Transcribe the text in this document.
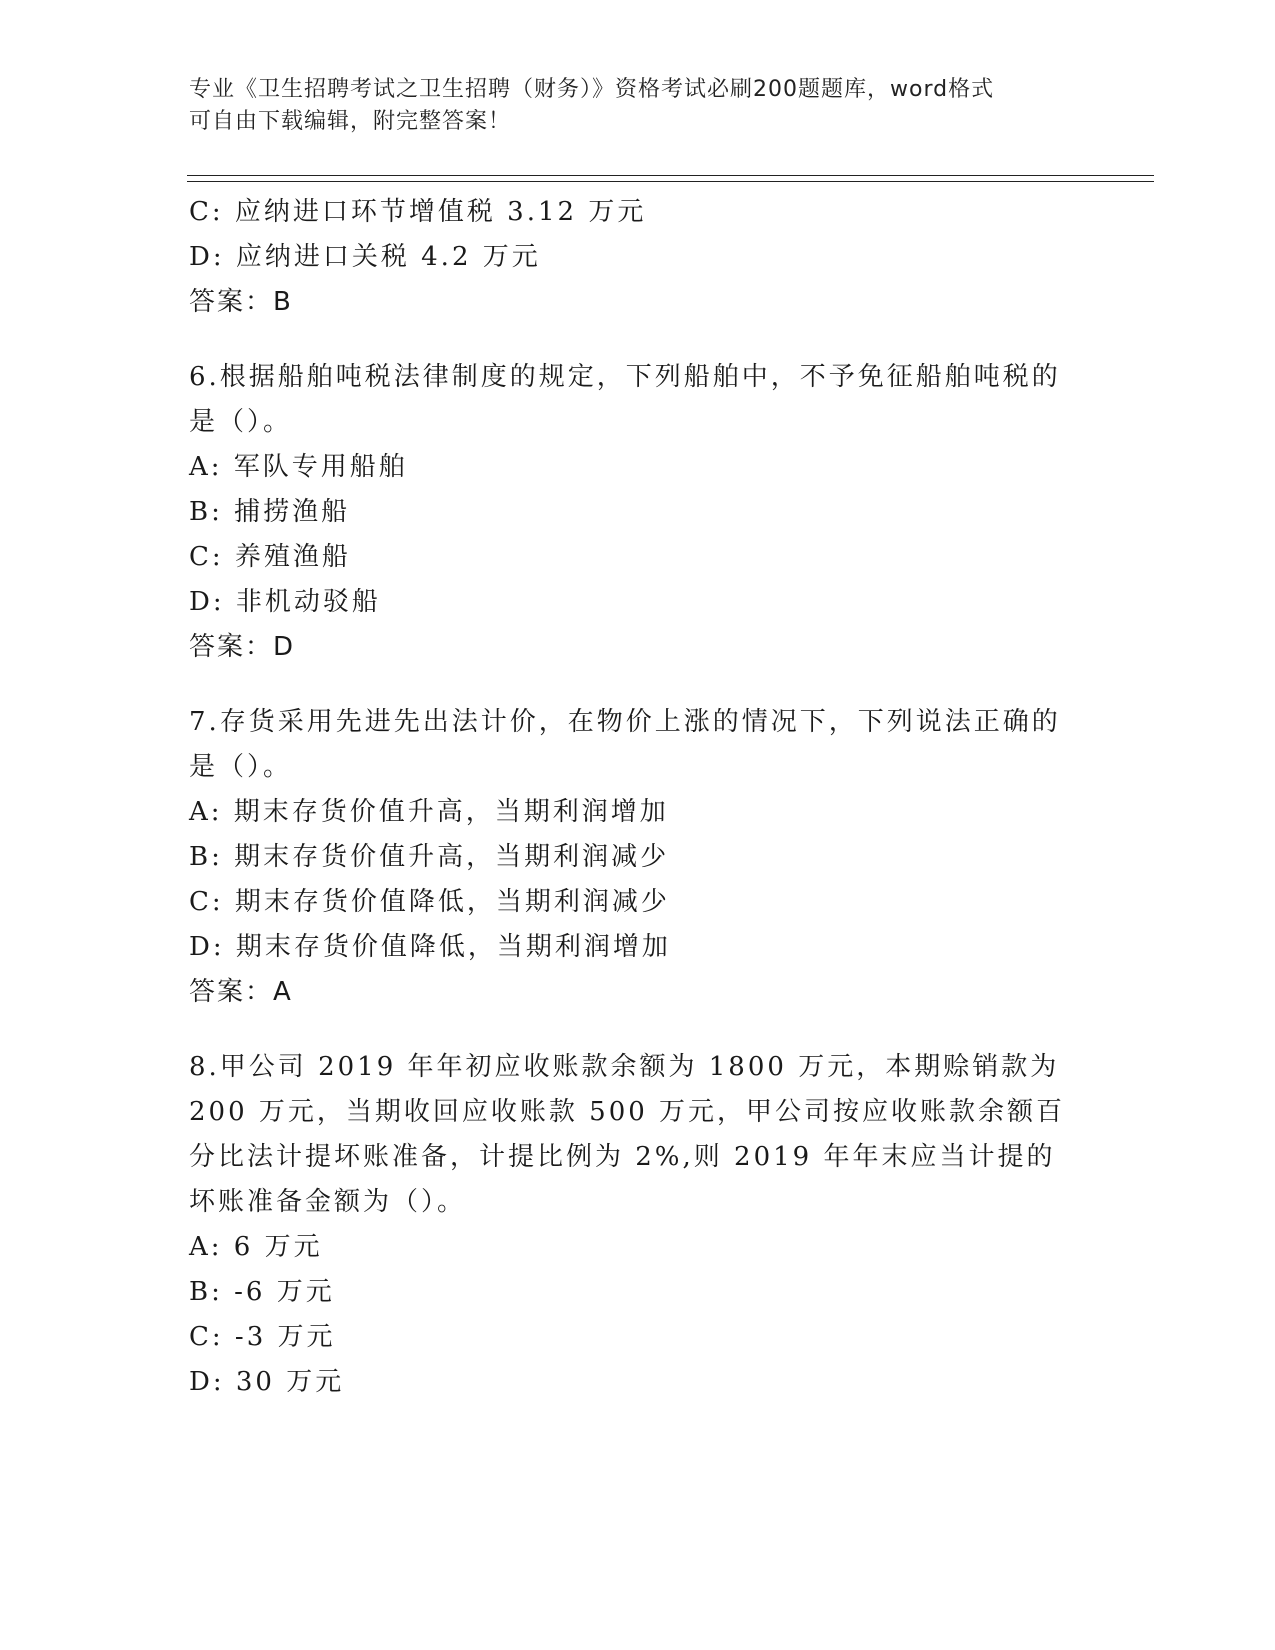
专业《卫生招聘考试之卫生招聘（财务）》资格考试必刷200题题库，word格式
可自由下载编辑，附完整答案！
C: 应纳进口环节增值税 3.12 万元
D: 应纳进口关税 4.2 万元
答案：B
6.根据船舶吨税法律制度的规定，下列船舶中，不予免征船舶吨税的是（）。
A: 军队专用船舶
B: 捕捞渔船
C: 养殖渔船
D: 非机动驳船
答案：D
7.存货采用先进先出法计价，在物价上涨的情况下，下列说法正确的是（）。
A: 期末存货价值升高，当期利润增加
B: 期末存货价值升高，当期利润减少
C: 期末存货价值降低，当期利润减少
D: 期末存货价值降低，当期利润增加
答案：A
8.甲公司 2019 年年初应收账款余额为 1800 万元，本期赊销款为 200 万元，当期收回应收账款 500 万元，甲公司按应收账款余额百分比法计提坏账准备，计提比例为 2%,则 2019 年年末应当计提的坏账准备金额为（）。
A: 6 万元
B: -6 万元
C: -3 万元
D: 30 万元
